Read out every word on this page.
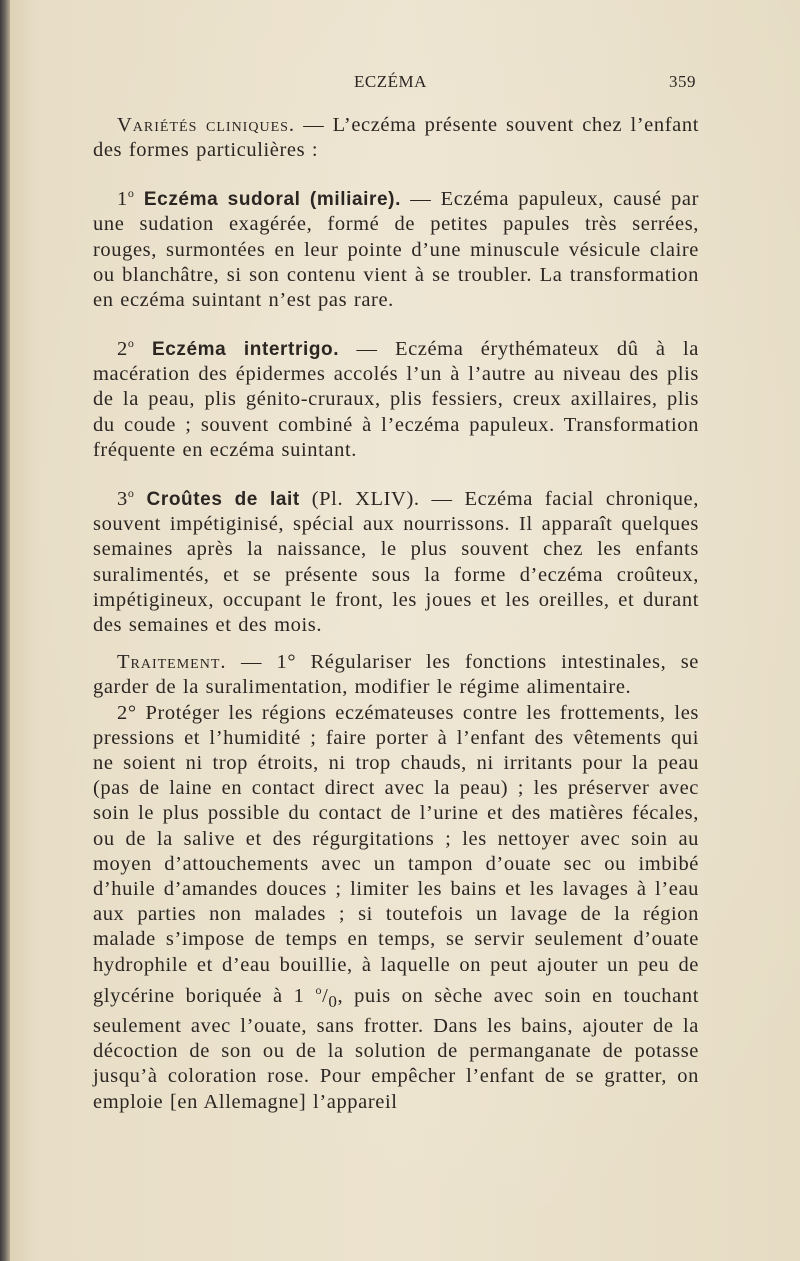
ECZÉMA	359

Variétés cliniques. — L’eczéma présente souvent chez l’enfant des formes particulières :

1$^o$ Eczéma sudoral (miliaire). — Eczéma papuleux, causé par une sudation exagérée, formé de petites papules très serrées, rouges, surmontées en leur pointe d’une minuscule vésicule claire ou blanchâtre, si son contenu vient à se troubler. La transformation en eczéma suintant n’est pas rare.

2$^o$ Eczéma intertrigo. — Eczéma érythémateux dû à la macération des épidermes accolés l’un à l’autre au niveau des plis de la peau, plis génito-cruraux, plis fessiers, creux axillaires, plis du coude ; souvent combiné à l’eczéma papuleux. Transformation fréquente en eczéma suintant.

3$^o$ Croûtes de lait (Pl. XLIV). — Eczéma facial chronique, souvent impétiginisé, spécial aux nourrissons. Il apparaît quelques semaines après la naissance, le plus souvent chez les enfants suralimentés, et se présente sous la forme d’eczéma croûteux, impétigineux, occupant le front, les joues et les oreilles, et durant des semaines et des mois.

Traitement. — 1° Régulariser les fonctions intestinales, se garder de la suralimentation, modifier le régime alimentaire.

2° Protéger les régions eczémateuses contre les frottements, les pressions et l’humidité ; faire porter à l’enfant des vêtements qui ne soient ni trop étroits, ni trop chauds, ni irritants pour la peau (pas de laine en contact direct avec la peau) ; les préserver avec soin le plus possible du contact de l’urine et des matières fécales, ou de la salive et des régurgitations ; les nettoyer avec soin au moyen d’attouchements avec un tampon d’ouate sec ou imbibé d’huile d’amandes douces ; limiter les bains et les lavages à l’eau aux parties non malades ; si toutefois un lavage de la région malade s’impose de temps en temps, se servir seulement d’ouate hydrophile et d’eau bouillie, à laquelle on peut ajouter un peu de glycérine boriquée à 1 $^o/_0$, puis on sèche avec soin en touchant seulement avec l’ouate, sans frotter. Dans les bains, ajouter de la décoction de son ou de la solution de permanganate de potasse jusqu’à coloration rose. Pour empêcher l’enfant de se gratter, on emploie [en Allemagne] l’appareil
